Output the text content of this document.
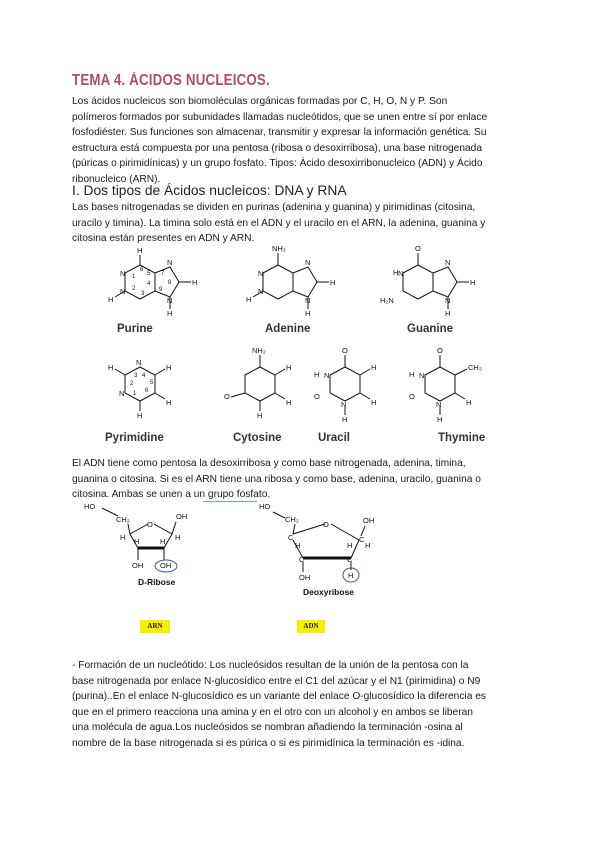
TEMA 4. ÁCIDOS NUCLEICOS.
Los ácidos nucleicos son biomoléculas orgánicas formadas por C, H, O, N y P. Son
polímeros formados por subunidades llamadas nucleótidos, que se unen entre sí por enlace
fosfodiéster. Sus funciones son almacenar, transmitir y expresar la información genética. Su
estructura está compuesta por una pentosa (ribosa o desoxirribosa), una base nitrogenada
(púricas o pirimidínicas) y un grupo fosfato. Tipos: Ácido desoxirribonucleico (ADN) y Ácido
ribonucleico (ARN).
I. Dos tipos de Ácidos nucleicos: DNA y RNA
Las bases nitrogenadas se dividen en purinas (adenina y guanina) y pirimidinas (citosina,
uracilo y timina). La timina solo está en el ADN y el uracilo en el ARN, la adenina, guanina y
citosina están presentes en ADN y ARN.
N
N
N
N
1
2
3
4
5
6
7
8
9
H
H
H
H
Purine
NH₂
N
N
N
N
H
H
H
Adenine
O
H N
H₂N
N
N
H
H
Guanine
N
N
4
5
6
1
2
3
H
H
H
H
Pyrimidine
NH₂
O
H
H
H
Cytosine
O
H N
O
N
H
H
H
Uracil
O
H N
CH₃
O
N
H
H
Thymine
El ADN tiene como pentosa la desoxirribosa y como base nitrogenada, adenina, timina,
guanina o citosina. Si es el ARN tiene una ribosa y como base, adenina, uracilo, guanina o
citosina. Ambas se unen a un grupo fosfato.
HO
CH₂
O
H	H
H	H
OH
OH OH
D-Ribose
HO
CH₂
O
C
C	C
C
H	H H
OH
OH	H
Deoxyribose
ARN	ADN
- Formación de un nucleótido: Los nucleósidos resultan de la unión de la pentosa con la
base nitrogenada por enlace N-glucosídico entre el C1 del azúcar y el N1 (pirimidina) o N9
(purina)..En el enlace N-glucosídico es un variante del enlace O-glucosídico la diferencia es
que en el primero reacciona una amina y en el otro con un alcohol y en ambos se liberan
una molécula de agua.Los nucleósidos se nombran añadiendo la terminación -osina al
nombre de la base nitrogenada si es púrica o si es pirimidínica la terminación es -idina.
